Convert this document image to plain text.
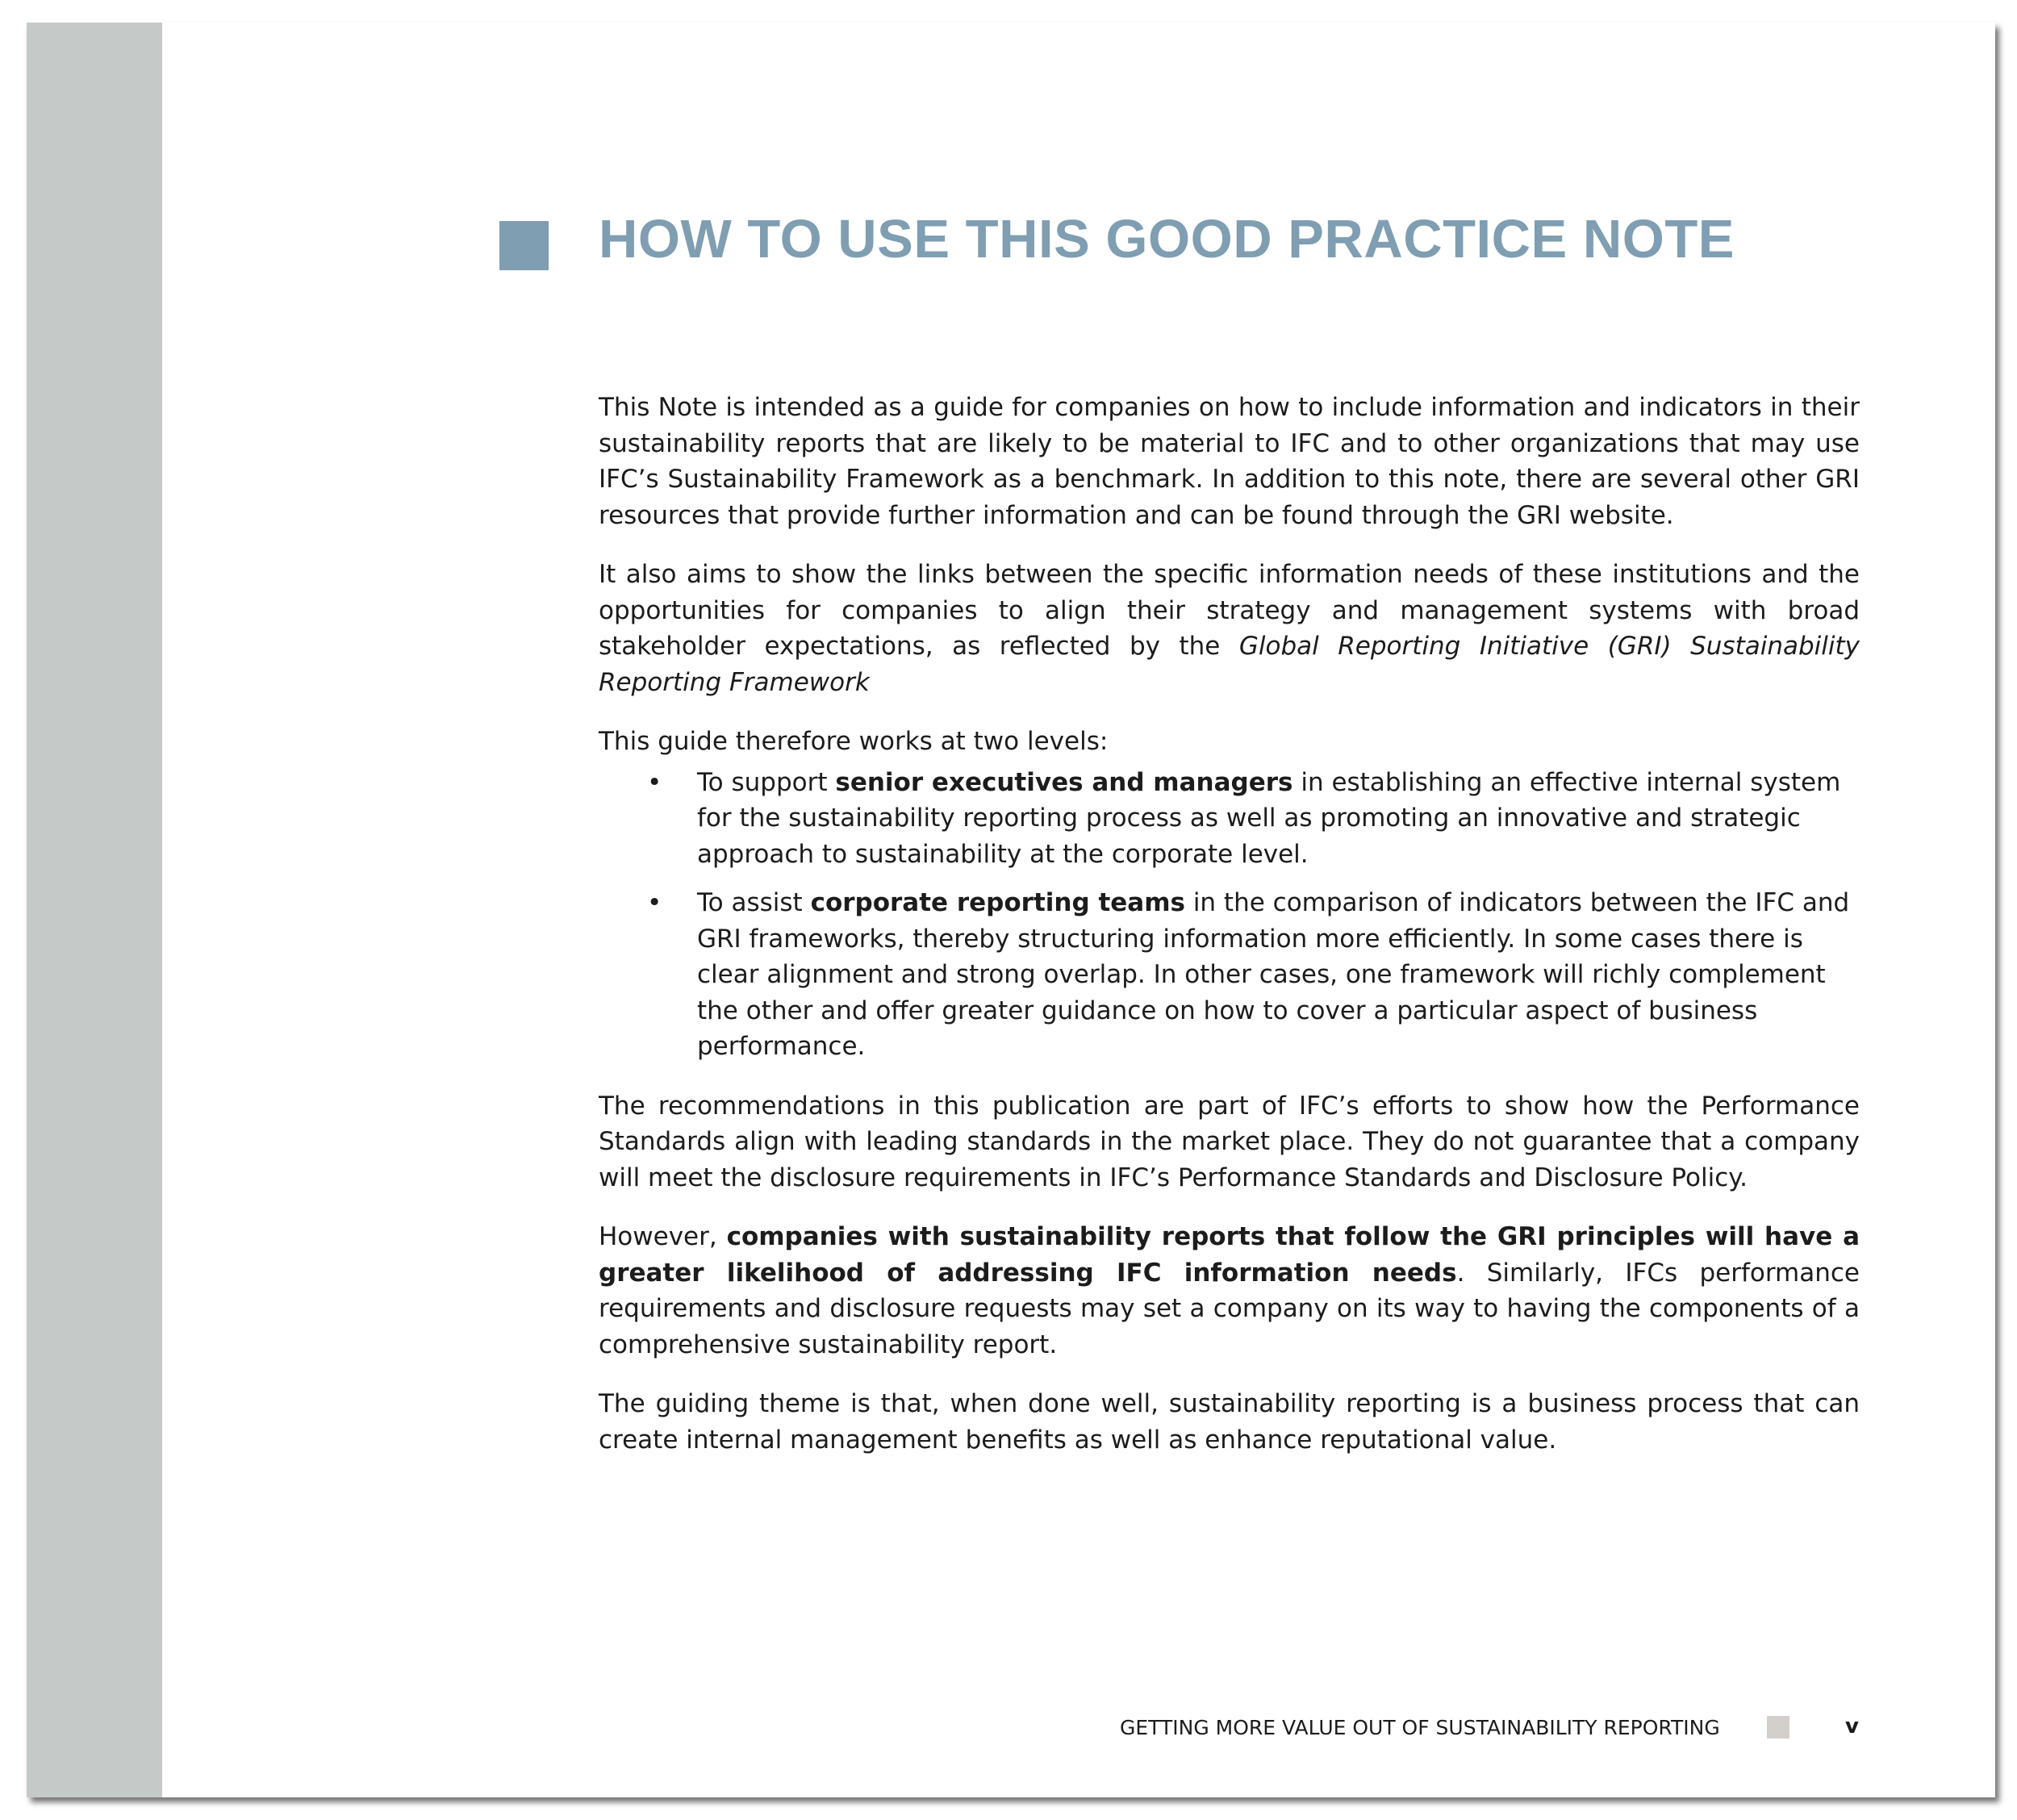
HOW TO USE THIS GOOD PRACTICE NOTE

This Note is intended as a guide for companies on how to include information and indicators in their sustainability reports that are likely to be material to IFC and to other organizations that may use IFC’s Sustainability Framework as a benchmark. In addition to this note, there are several other GRI resources that provide further information and can be found through the GRI website.

It also aims to show the links between the specific information needs of these institutions and the opportunities for companies to align their strategy and management systems with broad stakeholder expectations, as reflected by the Global Reporting Initiative (GRI) Sustainability Reporting Framework

This guide therefore works at two levels:

• To support senior executives and managers in establishing an effective internal system for the sustainability reporting process as well as promoting an innovative and strategic approach to sustainability at the corporate level.
• To assist corporate reporting teams in the comparison of indicators between the IFC and GRI frameworks, thereby structuring information more efficiently. In some cases there is clear alignment and strong overlap. In other cases, one framework will richly complement the other and offer greater guidance on how to cover a particular aspect of business performance.

The recommendations in this publication are part of IFC’s efforts to show how the Performance Standards align with leading standards in the market place. They do not guarantee that a company will meet the disclosure requirements in IFC’s Performance Standards and Disclosure Policy.

However, companies with sustainability reports that follow the GRI principles will have a greater likelihood of addressing IFC information needs. Similarly, IFCs performance requirements and disclosure requests may set a company on its way to having the components of a comprehensive sustainability report.

The guiding theme is that, when done well, sustainability reporting is a business process that can create internal management benefits as well as enhance reputational value.

GETTING MORE VALUE OUT OF SUSTAINABILITY REPORTING	v
